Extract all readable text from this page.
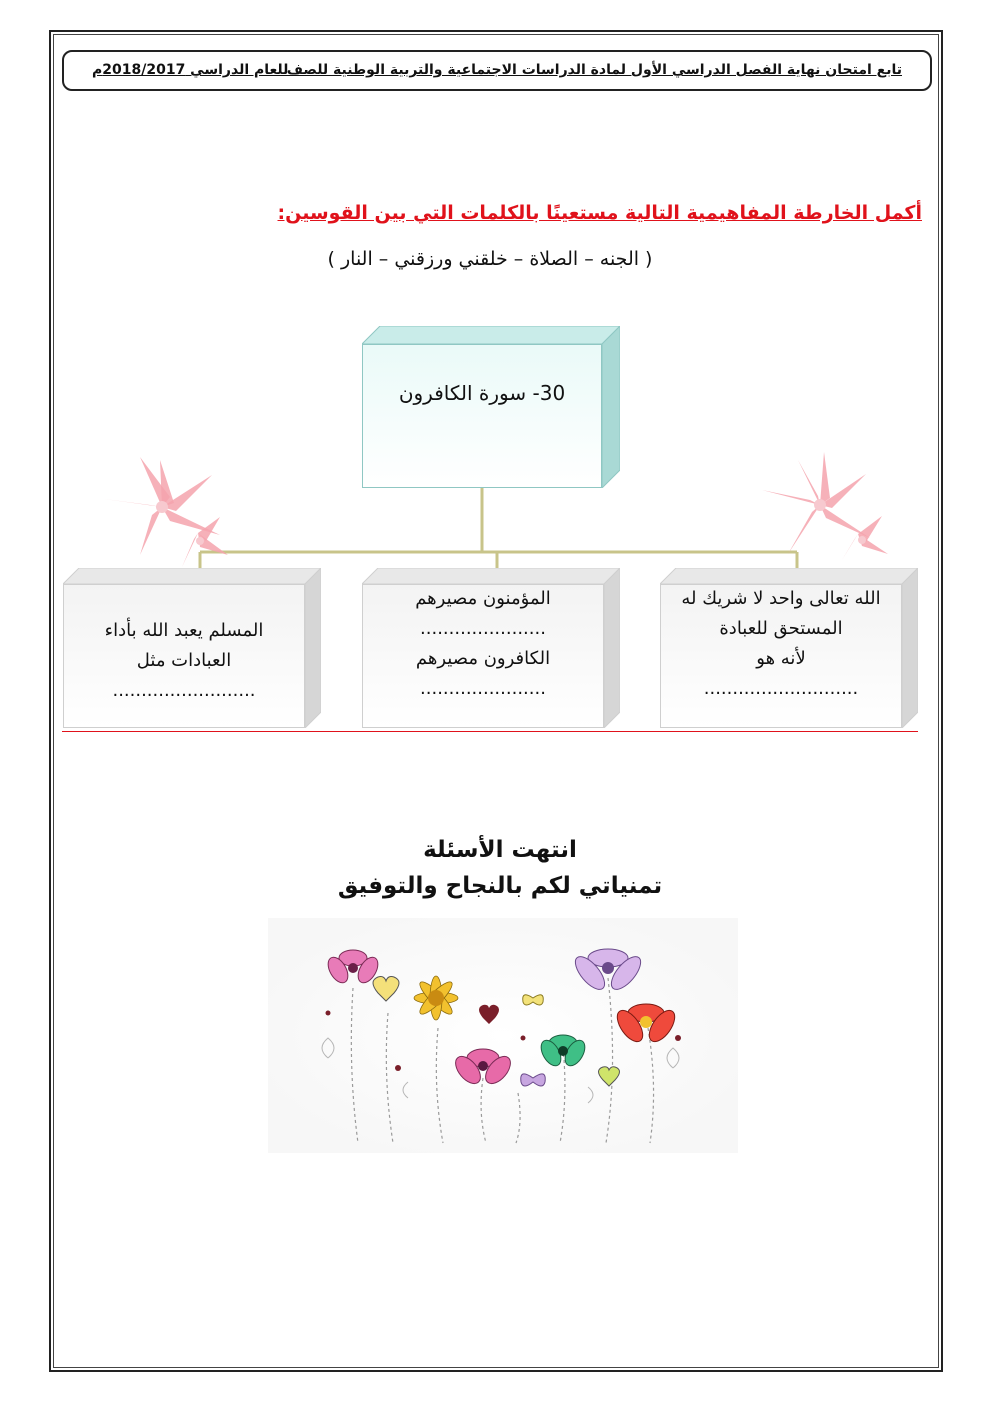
تابع امتحان نهاية الفصل الدراسي الأول لمادة الدراسات الاجتماعية والتربية الوطنية للصف
للعام الدراسي 2018/2017م
أكمل الخارطة المفاهيمية التالية مستعينًا بالكلمات التي بين القوسين:
( الجنه – الصلاة – خلقني ورزقني – النار )
30- سورة الكافرون
الله تعالى واحد لا شريك له
المستحق للعبادة
لأنه هو
...........................
المؤمنون مصيرهم
......................
الكافرون مصيرهم
......................
المسلم يعبد الله بأداء
العبادات مثل
.........................
انتهت الأسئلة
تمنياتي لكم بالنجاح والتوفيق
